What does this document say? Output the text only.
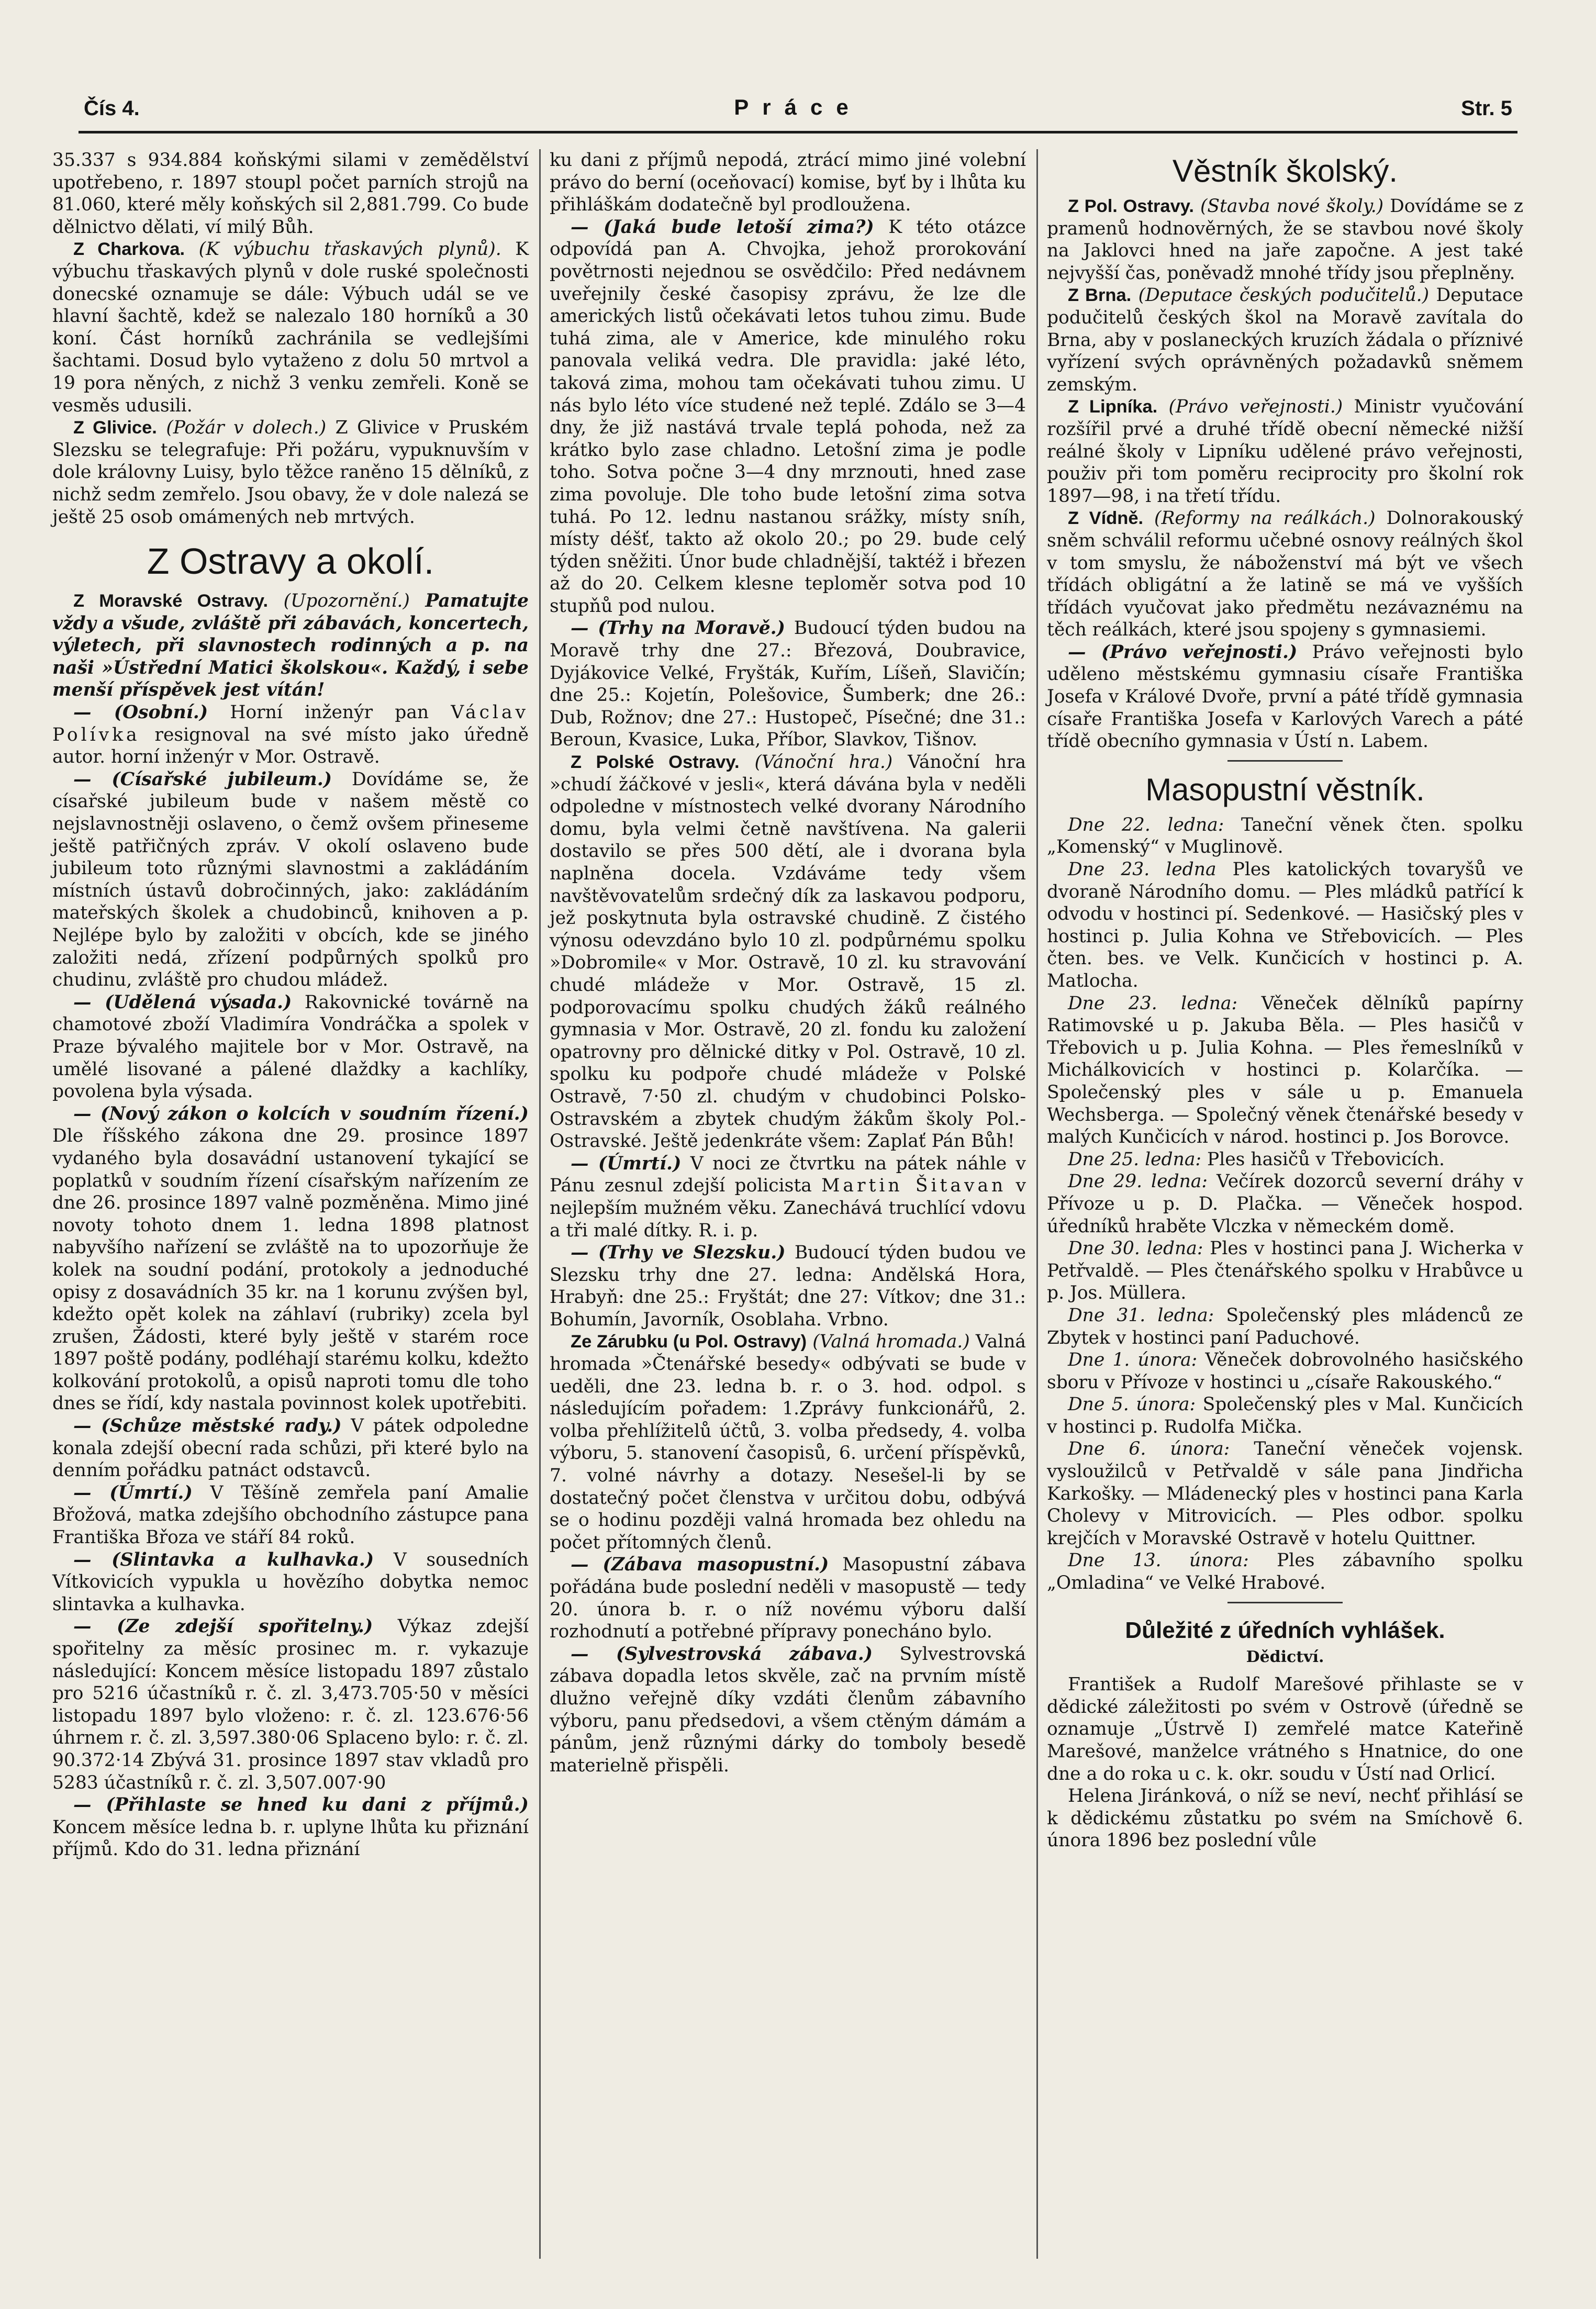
Čís 4.	Práce	Str. 5

35.337 s 934.884 koňskými silami v zemědělství upotřebeno, r. 1897 stoupl počet parních strojů na 81.060, které měly koňských sil 2,881.799. Co bude dělnictvo dělati, ví milý Bůh.

Z Charkova. (K výbuchu třaskavých plynů). K výbuchu třaskavých plynů v dole ruské společnosti donecské oznamuje se dále: Výbuch udál se ve hlavní šachtě, kdež se nalezalo 180 horníků a 30 koní. Část horníků zachránila se vedlejšími šachtami. Dosud bylo vytaženo z dolu 50 mrtvol a 19 pora něných, z nichž 3 venku zemřeli. Koně se vesměs udusili.

Z Glivice. (Požár v dolech.) Z Glivice v Pruském Slezsku se telegrafuje: Při požáru, vypuknuvším v dole královny Luisy, bylo těžce raněno 15 dělníků, z nichž sedm zemřelo. Jsou obavy, že v dole nalezá se ještě 25 osob omámených neb mrtvých.

Z Ostravy a okolí.

Z Moravské Ostravy. (Upozornění.) Pamatujte vždy a všude, zvláště při zábavách, koncertech, výletech, při slavnostech rodinných a p. na naši »Ústřední Matici školskou«. Každý, i sebe menší příspěvek jest vítán!

— (Osobní.) Horní inženýr pan Václav Polívka resignoval na své místo jako úředně autor. horní inženýr v Mor. Ostravě.

— (Císařské jubileum.) Dovídáme se, že císařské jubileum bude v našem městě co nejslavnostněji oslaveno, o čemž ovšem přineseme ještě patřičných zpráv. V okolí oslaveno bude jubileum toto různými slavnostmi a zakládáním místních ústavů dobročinných, jako: zakládáním mateřských školek a chudobinců, knihoven a p. Nejlépe bylo by založiti v obcích, kde se jiného založiti nedá, zřízení podpůrných spolků pro chudinu, zvláště pro chudou mládež.

— (Udělená výsada.) Rakovnické továrně na chamotové zboží Vladimíra Vondráčka a spolek v Praze bývalého majitele bor v Mor. Ostravě, na umělé lisované a pálené dlaždky a kachlíky, povolena byla výsada.

— (Nový zákon o kolcích v soudním řízení.) Dle říšského zákona dne 29. prosince 1897 vydaného byla dosavádní ustanovení tykající se poplatků v soudním řízení císařským nařízením ze dne 26. prosince 1897 valně pozměněna. Mimo jiné novoty tohoto dnem 1. ledna 1898 platnost nabyvšího nařízení se zvláště na to upozorňuje že kolek na soudní podání, protokoly a jednoduché opisy z dosavádních 35 kr. na 1 korunu zvýšen byl, kdežto opět kolek na záhlaví (rubriky) zcela byl zrušen, Žádosti, které byly ještě v starém roce 1897 poště podány, podléhají starému kolku, kdežto kolkování protokolů, a opisů naproti tomu dle toho dnes se řídí, kdy nastala povinnost kolek upotřebiti.

— (Schůze městské rady.) V pátek odpoledne konala zdejší obecní rada schůzi, při které bylo na denním pořádku patnáct odstavců.

— (Úmrtí.) V Těšíně zemřela paní Amalie Břožová, matka zdejšího obchodního zástupce pana Františka Břoza ve stáří 84 roků.

— (Slintavka a kulhavka.) V sousedních Vítkovicích vypukla u hovězího dobytka nemoc slintavka a kulhavka.

— (Ze zdejší spořitelny.) Výkaz zdejší spořitelny za měsíc prosinec m. r. vykazuje následující: Koncem měsíce listopadu 1897 zůstalo pro 5216 účastníků r. č. zl. 3,473.705·50 v měsíci listopadu 1897 bylo vloženo: r. č. zl. 123.676·56 úhrnem r. č. zl. 3,597.380·06 Splaceno bylo: r. č. zl. 90.372·14 Zbývá 31. prosince 1897 stav vkladů pro 5283 účastníků r. č. zl. 3,507.007·90

— (Přihlaste se hned ku dani z příjmů.) Koncem měsíce ledna b. r. uplyne lhůta ku přiznání příjmů. Kdo do 31. ledna přiznání

ku dani z příjmů nepodá, ztrácí mimo jiné volební právo do berní (oceňovací) komise, byť by i lhůta ku přihláškám dodatečně byl prodloužena.

— (Jaká bude letoší zima?) K této otázce odpovídá pan A. Chvojka, jehož prorokování povětrnosti nejednou se osvědčilo: Před nedávnem uveřejnily české časopisy zprávu, že lze dle amerických listů očekávati letos tuhou zimu. Bude tuhá zima, ale v Americe, kde minulého roku panovala veliká vedra. Dle pravidla: jaké léto, taková zima, mohou tam očekávati tuhou zimu. U nás bylo léto více studené než teplé. Zdálo se 3—4 dny, že již nastává trvale teplá pohoda, než za krátko bylo zase chladno. Letošní zima je podle toho. Sotva počne 3—4 dny mrznouti, hned zase zima povoluje. Dle toho bude letošní zima sotva tuhá. Po 12. lednu nastanou srážky, místy sníh, místy déšť, takto až okolo 20.; po 29. bude celý týden sněžiti. Únor bude chladnější, taktéž i březen až do 20. Celkem klesne teploměr sotva pod 10 stupňů pod nulou.

— (Trhy na Moravě.) Budoucí týden budou na Moravě trhy dne 27.: Březová, Doubravice, Dyjákovice Velké, Fryšták, Kuřím, Líšeň, Slavičín; dne 25.: Kojetín, Polešovice, Šumberk; dne 26.: Dub, Rožnov; dne 27.: Hustopeč, Písečné; dne 31.: Beroun, Kvasice, Luka, Příbor, Slavkov, Tišnov.

Z Polské Ostravy. (Vánoční hra.) Vánoční hra »chudí žáčkové v jesli«, která dávána byla v neděli odpoledne v místnostech velké dvorany Národního domu, byla velmi četně navštívena. Na galerii dostavilo se přes 500 dětí, ale i dvorana byla naplněna docela. Vzdáváme tedy všem navštěvovatelům srdečný dík za laskavou podporu, jež poskytnuta byla ostravské chudině. Z čistého výnosu odevzdáno bylo 10 zl. podpůrnému spolku »Dobromile« v Mor. Ostravě, 10 zl. ku stravování chudé mládeže v Mor. Ostravě, 15 zl. podporovacímu spolku chudých žáků reálného gymnasia v Mor. Ostravě, 20 zl. fondu ku založení opatrovny pro dělnické ditky v Pol. Ostravě, 10 zl. spolku ku podpoře chudé mládeže v Polské Ostravě, 7·50 zl. chudým v chudobinci Polsko-Ostravském a zbytek chudým žákům školy Pol.-Ostravské. Ještě jedenkráte všem: Zaplať Pán Bůh!

— (Úmrtí.) V noci ze čtvrtku na pátek náhle v Pánu zesnul zdejší policista Martin Šitavan v nejlepším mužném věku. Zanechává truchlící vdovu a tři malé dítky. R. i. p.

— (Trhy ve Slezsku.) Budoucí týden budou ve Slezsku trhy dne 27. ledna: Andělská Hora, Hrabyň: dne 25.: Fryštát; dne 27: Vítkov; dne 31.: Bohumín, Javorník, Osoblaha. Vrbno.

Ze Zárubku (u Pol. Ostravy) (Valná hromada.) Valná hromada »Čtenářské besedy« odbývati se bude v ueděli, dne 23. ledna b. r. o 3. hod. odpol. s následujícím pořadem: 1.Zprávy funkcionářů, 2. volba přehlížitelů účtů, 3. volba předsedy, 4. volba výboru, 5. stanovení časopisů, 6. určení příspěvků, 7. volné návrhy a dotazy. Nesešel-li by se dostatečný počet členstva v určitou dobu, odbývá se o hodinu později valná hromada bez ohledu na počet přítomných členů.

— (Zábava masopustní.) Masopustní zábava pořádána bude poslední neděli v masopustě — tedy 20. února b. r. o níž novému výboru další rozhodnutí a potřebné přípravy ponecháno bylo.

— (Sylvestrovská zábava.) Sylvestrovská zábava dopadla letos skvěle, zač na prvním místě dlužno veřejně díky vzdáti členům zábavního výboru, panu předsedovi, a všem ctěným dámám a pánům, jenž různými dárky do tomboly besedě materielně přispěli.

Věstník školský.

Z Pol. Ostravy. (Stavba nové školy.) Dovídáme se z pramenů hodnověrných, že se stavbou nové školy na Jaklovci hned na jaře započne. A jest také nejvyšší čas, poněvadž mnohé třídy jsou přeplněny.

Z Brna. (Deputace českých podučitelů.) Deputace podučitelů českých škol na Moravě zavítala do Brna, aby v poslaneckých kruzích žádala o příznivé vyřízení svých oprávněných požadavků sněmem zemským.

Z Lipníka. (Právo veřejnosti.) Ministr vyučování rozšířil prvé a druhé třídě obecní německé nižší reálné školy v Lipníku udělené právo veřejnosti, použiv při tom poměru reciprocity pro školní rok 1897—98, i na třetí třídu.

Z Vídně. (Reformy na reálkách.) Dolnorakouský sněm schválil reformu učebné osnovy reálných škol v tom smyslu, že náboženství má být ve všech třídách obligátní a že latině se má ve vyšších třídách vyučovat jako předmětu nezávaznému na těch reálkách, které jsou spojeny s gymnasiemi.

— (Právo veřejnosti.) Právo veřejnosti bylo uděleno městskému gymnasiu císaře Františka Josefa v Králové Dvoře, první a páté třídě gymnasia císaře Františka Josefa v Karlových Varech a páté třídě obecního gymnasia v Ústí n. Labem.

Masopustní věstník.

Dne 22. ledna: Taneční věnek čten. spolku „Komenský“ v Muglinově.

Dne 23. ledna Ples katolických tovaryšů ve dvoraně Národního domu. — Ples mládků patřící k odvodu v hostinci pí. Sedenkové. — Hasičský ples v hostinci p. Julia Kohna ve Střebovicích. — Ples čten. bes. ve Velk. Kunčicích v hostinci p. A. Matlocha.

Dne 23. ledna: Věneček dělníků papírny Ratimovské u p. Jakuba Běla. — Ples hasičů v Třebovich u p. Julia Kohna. — Ples řemeslníků v Michálkovicích v hostinci p. Kolarčíka. — Společenský ples v sále u p. Emanuela Wechsberga. — Společný věnek čtenářské besedy v malých Kunčicích v národ. hostinci p. Jos Borovce.

Dne 25. ledna: Ples hasičů v Třebovicích.

Dne 29. ledna: Večírek dozorců severní dráhy v Přívoze u p. D. Plačka. — Věneček hospod. úředníků hraběte Vlczka v německém domě.

Dne 30. ledna: Ples v hostinci pana J. Wicherka v Petřvaldě. — Ples čtenářského spolku v Hrabůvce u p. Jos. Müllera.

Dne 31. ledna: Společenský ples mládenců ze Zbytek v hostinci paní Paduchové.

Dne 1. února: Věneček dobrovolného hasičského sboru v Přívoze v hostinci u „císaře Rakouského.“

Dne 5. února: Společenský ples v Mal. Kunčicích v hostinci p. Rudolfa Mička.

Dne 6. února: Taneční věneček vojensk. vysloužilců v Petřvaldě v sále pana Jindřicha Karkošky. — Mládenecký ples v hostinci pana Karla Cholevy v Mitrovicích. — Ples odbor. spolku krejčích v Moravské Ostravě v hotelu Quittner.

Dne 13. února: Ples zábavního spolku „Omladina“ ve Velké Hrabové.

Důležité z úředních vyhlášek.
Dědictví.

František a Rudolf Marešové přihlaste se v dědické záležitosti po svém v Ostrově (úředně se oznamuje „Ústrvě I) zemřelé matce Kateřině Marešové, manželce vrátného s Hnatnice, do one dne a do roka u c. k. okr. soudu v Ústí nad Orlicí.

Helena Jiránková, o níž se neví, nechť přihlásí se k dědickému zůstatku po svém na Smíchově 6. února 1896 bez poslední vůle
